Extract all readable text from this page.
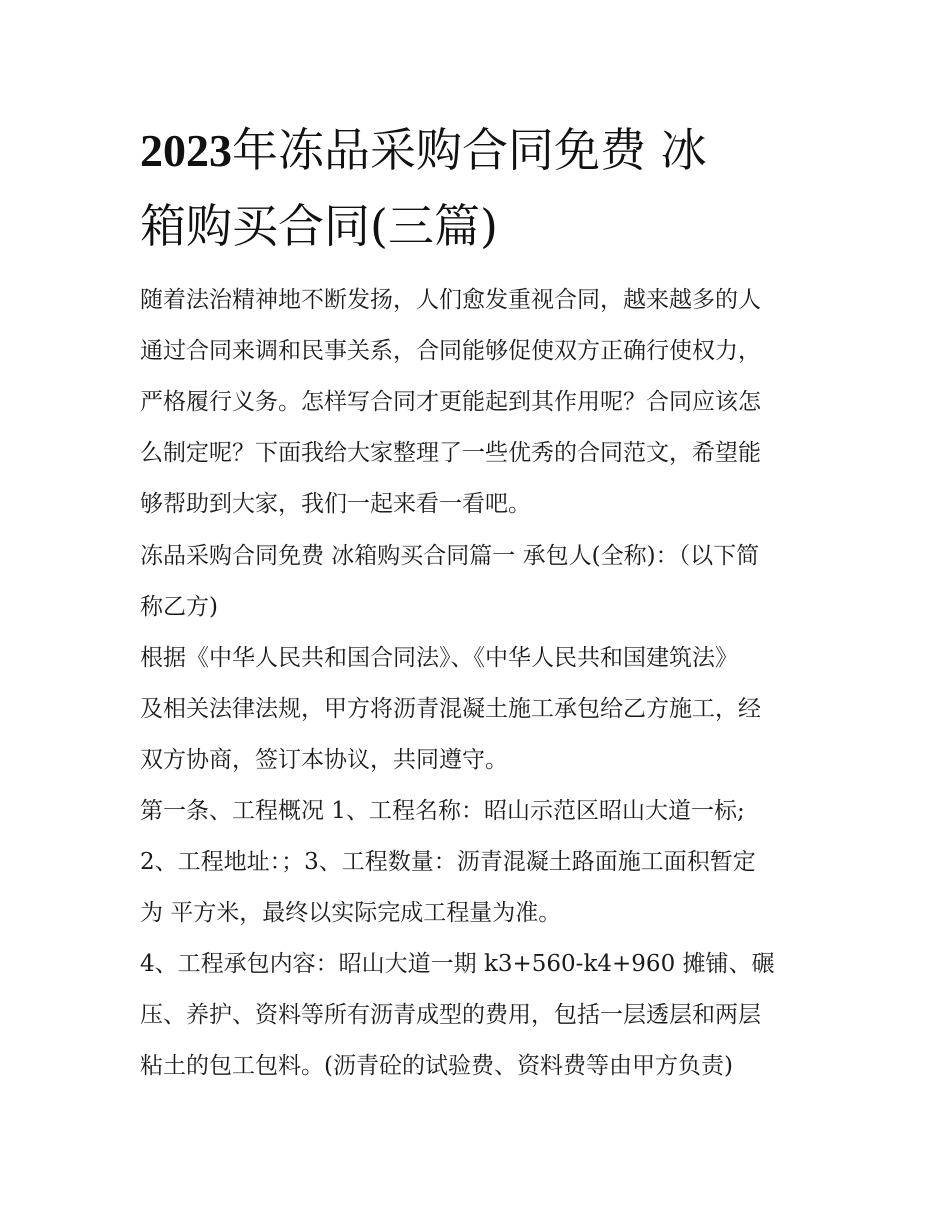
2023年冻品采购合同免费 冰
箱购买合同(三篇)
随着法治精神地不断发扬，人们愈发重视合同，越来越多的人
通过合同来调和民事关系，合同能够促使双方正确行使权力，
严格履行义务。怎样写合同才更能起到其作用呢？合同应该怎
么制定呢？下面我给大家整理了一些优秀的合同范文，希望能
够帮助到大家，我们一起来看一看吧。
冻品采购合同免费 冰箱购买合同篇一 承包人(全称)：（以下简
称乙方)
根据《中华人民共和国合同法》、《中华人民共和国建筑法》
及相关法律法规，甲方将沥青混凝土施工承包给乙方施工，经
双方协商，签订本协议，共同遵守。
第一条、工程概况 1、工程名称：昭山示范区昭山大道一标;
2、工程地址：；3、工程数量：沥青混凝土路面施工面积暂定
为 平方米，最终以实际完成工程量为准。
4、工程承包内容：昭山大道一期 k3+560-k4+960 摊铺、碾
压、养护、资料等所有沥青成型的费用，包括一层透层和两层
粘土的包工包料。(沥青砼的试验费、资料费等由甲方负责)
